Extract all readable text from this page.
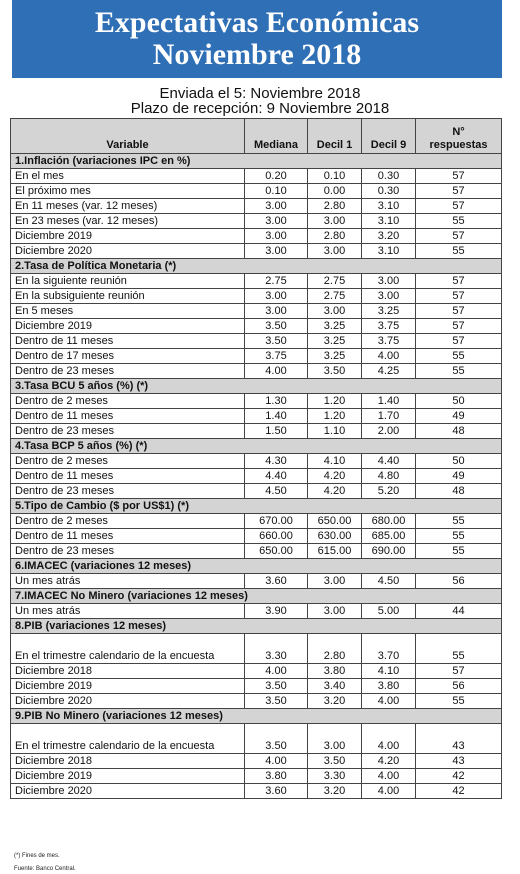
Expectativas Económicas
Noviembre 2018
Enviada el 5: Noviembre 2018
Plazo de recepción: 9 Noviembre 2018
Variable	Mediana	Decil 1	Decil 9	N°
respuestas
1.Inflación (variaciones IPC en %)				
En el mes	0.20	0.10	0.30	57
El próximo mes	0.10	0.00	0.30	57
En 11 meses (var. 12 meses)	3.00	2.80	3.10	57
En 23 meses (var. 12 meses)	3.00	3.00	3.10	55
Diciembre 2019	3.00	2.80	3.20	57
Diciembre 2020	3.00	3.00	3.10	55
2.Tasa de Política Monetaria (*)				
En la siguiente reunión	2.75	2.75	3.00	57
En la subsiguiente reunión	3.00	2.75	3.00	57
En 5 meses	3.00	3.00	3.25	57
Diciembre 2019	3.50	3.25	3.75	57
Dentro de 11 meses	3.50	3.25	3.75	57
Dentro de 17 meses	3.75	3.25	4.00	55
Dentro de 23 meses	4.00	3.50	4.25	55
3.Tasa BCU 5 años (%) (*)				
Dentro de 2 meses	1.30	1.20	1.40	50
Dentro de 11 meses	1.40	1.20	1.70	49
Dentro de 23 meses	1.50	1.10	2.00	48
4.Tasa BCP 5 años (%) (*)				
Dentro de 2 meses	4.30	4.10	4.40	50
Dentro de 11 meses	4.40	4.20	4.80	49
Dentro de 23 meses	4.50	4.20	5.20	48
5.Tipo de Cambio ($ por US$1) (*)				
Dentro de 2 meses	670.00	650.00	680.00	55
Dentro de 11 meses	660.00	630.00	685.00	55
Dentro de 23 meses	650.00	615.00	690.00	55
6.IMACEC (variaciones 12 meses)				
Un mes atrás	3.60	3.00	4.50	56
7.IMACEC No Minero (variaciones 12 meses)				
Un mes atrás	3.90	3.00	5.00	44
8.PIB (variaciones 12 meses)				
En el trimestre calendario de la encuesta	3.30	2.80	3.70	55
Diciembre 2018	4.00	3.80	4.10	57
Diciembre 2019	3.50	3.40	3.80	56
Diciembre 2020	3.50	3.20	4.00	55
9.PIB No Minero (variaciones 12 meses)				
En el trimestre calendario de la encuesta	3.50	3.00	4.00	43
Diciembre 2018	4.00	3.50	4.20	43
Diciembre 2019	3.80	3.30	4.00	42
Diciembre 2020	3.60	3.20	4.00	42
(*) Fines de mes.
Fuente: Banco Central.
